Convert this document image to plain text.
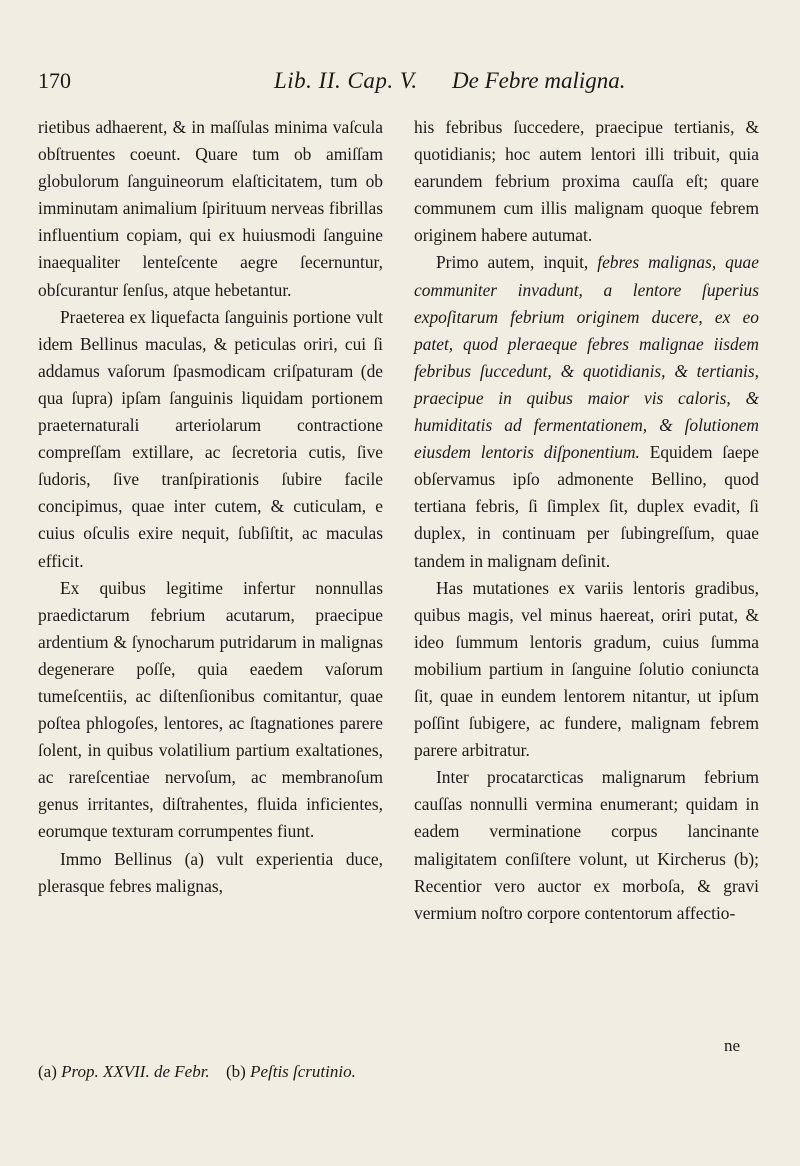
170	Lib. II. Cap. V. De Febre maligna.

rietibus adhaerent, & in maſſulas minima vaſcula obſtruentes coeunt. Quare tum ob amiſſam globulorum ſanguineorum elaſticitatem, tum ob imminutam animalium ſpirituum nerveas fibrillas influentium copiam, qui ex huiusmodi ſanguine inaequaliter lenteſcente aegre ſecernuntur, obſcurantur ſenſus, atque hebetantur.

Praeterea ex liquefacta ſanguinis portione vult idem Bellinus maculas, & peticulas oriri, cui ſi addamus vaſorum ſpasmodicam criſpaturam (de qua ſupra) ipſam ſanguinis liquidam portionem praeternaturali arteriolarum contractione compreſſam extillare, ac ſecretoria cutis, ſive ſudoris, ſive tranſpirationis ſubire facile concipimus, quae inter cutem, & cuticulam, e cuius oſculis exire nequit, ſubſiſtit, ac maculas efficit.

Ex quibus legitime infertur nonnullas praedictarum febrium acutarum, praecipue ardentium & ſynocharum putridarum in malignas degenerare poſſe, quia eaedem vaſorum tumeſcentiis, ac diſtenſionibus comitantur, quae poſtea phlogoſes, lentores, ac ſtagnationes parere ſolent, in quibus volatilium partium exaltationes, ac rareſcentiae nervoſum, ac membranoſum genus irritantes, diſtrahentes, fluida inficientes, eorumque texturam corrumpentes fiunt.

Immo Bellinus (a) vult experientia duce, plerasque febres malignas,

his febribus ſuccedere, praecipue tertianis, & quotidianis; hoc autem lentori illi tribuit, quia earundem febrium proxima cauſſa eſt; quare communem cum illis malignam quoque febrem originem habere autumat.

Primo autem, inquit, febres malignas, quae communiter invadunt, a lentore ſuperius expoſitarum febrium originem ducere, ex eo patet, quod pleraeque febres malignae iisdem febribus ſuccedunt, & quotidianis, & tertianis, praecipue in quibus maior vis caloris, & humiditatis ad fermentationem, & ſolutionem eiusdem lentoris diſponentium. Equidem ſaepe obſervamus ipſo admonente Bellino, quod tertiana febris, ſi ſimplex ſit, duplex evadit, ſi duplex, in continuam per ſubingreſſum, quae tandem in malignam deſinit.

Has mutationes ex variis lentoris gradibus, quibus magis, vel minus haereat, oriri putat, & ideo ſummum lentoris gradum, cuius ſumma mobilium partium in ſanguine ſolutio coniuncta ſit, quae in eundem lentorem nitantur, ut ipſum poſſint ſubigere, ac fundere, malignam febrem parere arbitratur.

Inter procatarcticas malignarum febrium cauſſas nonnulli vermina enumerant; quidam in eadem verminatione corpus lancinante maligitatem conſiſtere volunt, ut Kircherus (b); Recentior vero auctor ex morboſa, & gravi vermium noſtro corpore contentorum affectio-

ne
(a) Prop. XXVII. de Febr. (b) Peſtis ſcrutinio.
